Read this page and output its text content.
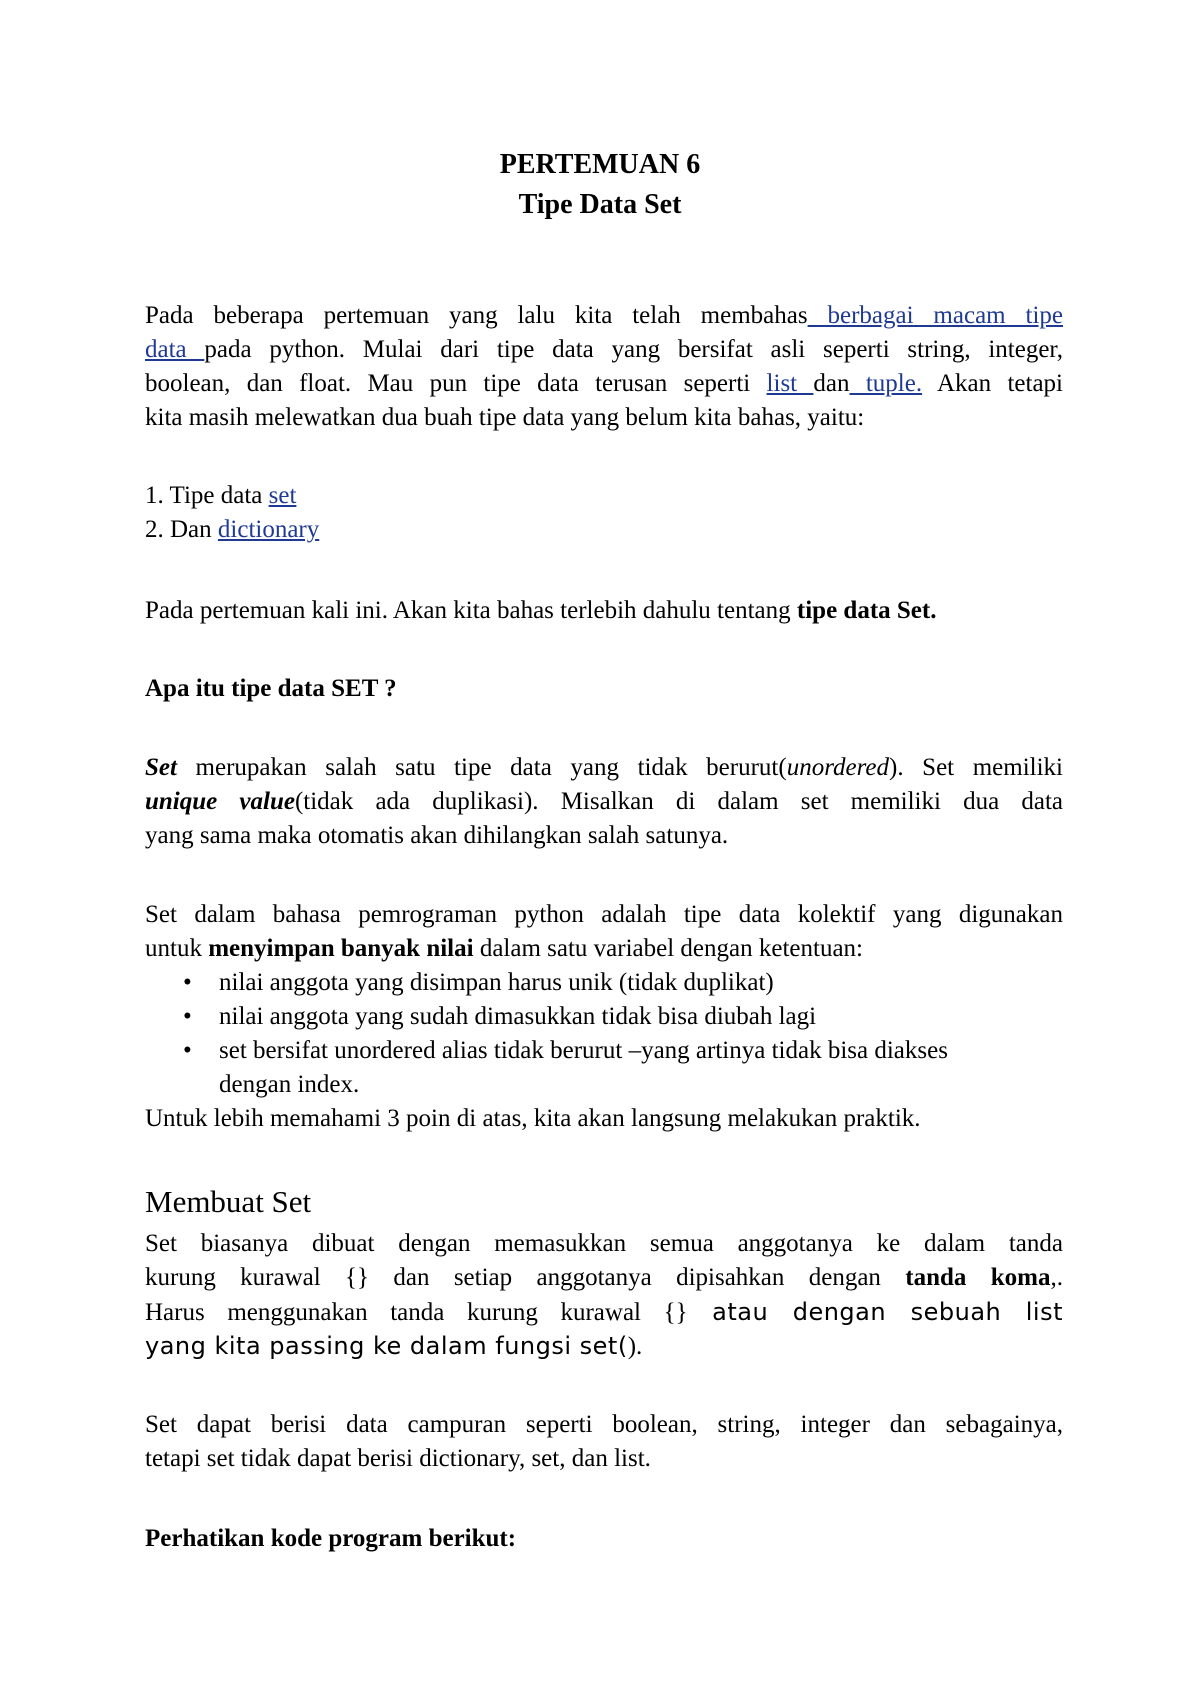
PERTEMUAN 6
Tipe Data Set
Pada beberapa pertemuan yang lalu kita telah membahas berbagai macam tipe
data pada python. Mulai dari tipe data yang bersifat asli seperti string, integer,
boolean, dan float. Mau pun tipe data terusan seperti list dan tuple. Akan tetapi
kita masih melewatkan dua buah tipe data yang belum kita bahas, yaitu:
1. Tipe data set
2. Dan dictionary
Pada pertemuan kali ini. Akan kita bahas terlebih dahulu tentang tipe data Set.
Apa itu tipe data SET ?
Set merupakan salah satu tipe data yang tidak berurut(unordered). Set memiliki
unique value(tidak ada duplikasi). Misalkan di dalam set memiliki dua data
yang sama maka otomatis akan dihilangkan salah satunya.
Set dalam bahasa pemrograman python adalah tipe data kolektif yang digunakan
untuk menyimpan banyak nilai dalam satu variabel dengan ketentuan:
• nilai anggota yang disimpan harus unik (tidak duplikat)
• nilai anggota yang sudah dimasukkan tidak bisa diubah lagi
• set bersifat unordered alias tidak berurut –yang artinya tidak bisa diakses
dengan index.
Untuk lebih memahami 3 poin di atas, kita akan langsung melakukan praktik.
Membuat Set
Set biasanya dibuat dengan memasukkan semua anggotanya ke dalam tanda
kurung kurawal {} dan setiap anggotanya dipisahkan dengan tanda koma,.
Harus menggunakan tanda kurung kurawal {} atau dengan sebuah list
yang kita passing ke dalam fungsi set().
Set dapat berisi data campuran seperti boolean, string, integer dan sebagainya,
tetapi set tidak dapat berisi dictionary, set, dan list.
Perhatikan kode program berikut:
